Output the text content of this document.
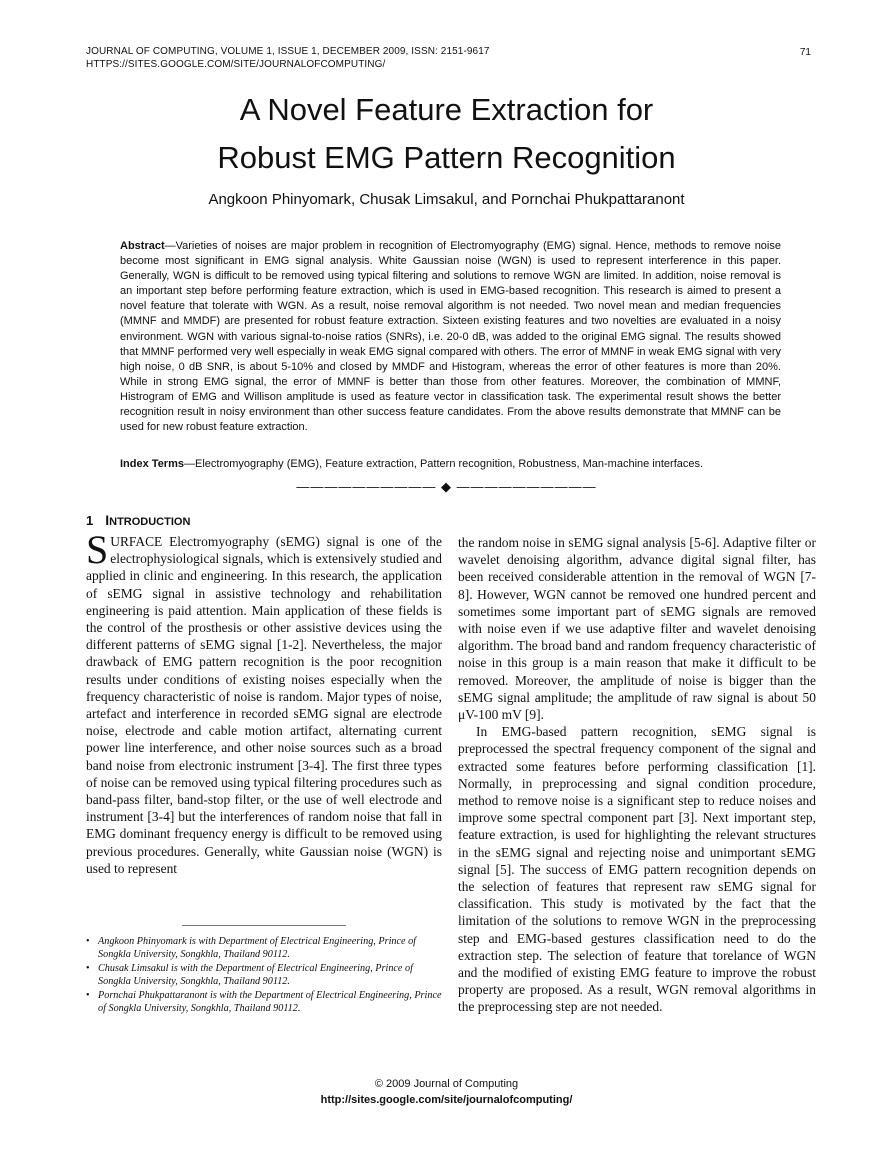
JOURNAL OF COMPUTING, VOLUME 1, ISSUE 1, DECEMBER 2009, ISSN: 2151-9617
HTTPS://SITES.GOOGLE.COM/SITE/JOURNALOFCOMPUTING/
71
A Novel Feature Extraction for
Robust EMG Pattern Recognition
Angkoon Phinyomark, Chusak Limsakul, and Pornchai Phukpattaranont
Abstract—Varieties of noises are major problem in recognition of Electromyography (EMG) signal. Hence, methods to remove noise become most significant in EMG signal analysis. White Gaussian noise (WGN) is used to represent interference in this paper. Generally, WGN is difficult to be removed using typical filtering and solutions to remove WGN are limited. In addition, noise removal is an important step before performing feature extraction, which is used in EMG-based recognition. This research is aimed to present a novel feature that tolerate with WGN. As a result, noise removal algorithm is not needed. Two novel mean and median frequencies (MMNF and MMDF) are presented for robust feature extraction. Sixteen existing features and two novelties are evaluated in a noisy environment. WGN with various signal-to-noise ratios (SNRs), i.e. 20-0 dB, was added to the original EMG signal. The results showed that MMNF performed very well especially in weak EMG signal compared with others. The error of MMNF in weak EMG signal with very high noise, 0 dB SNR, is about 5-10% and closed by MMDF and Histogram, whereas the error of other features is more than 20%. While in strong EMG signal, the error of MMNF is better than those from other features. Moreover, the combination of MMNF, Histrogram of EMG and Willison amplitude is used as feature vector in classification task. The experimental result shows the better recognition result in noisy environment than other success feature candidates. From the above results demonstrate that MMNF can be used for new robust feature extraction.
Index Terms—Electromyography (EMG), Feature extraction, Pattern recognition, Robustness, Man-machine interfaces.
—————————— ◆ ——————————
1 INTRODUCTION

SURFACE Electromyography (sEMG) signal is one of the electrophysiological signals, which is extensively studied and applied in clinic and engineering. In this research, the application of sEMG signal in assistive technology and rehabilitation engineering is paid attention. Main application of these fields is the control of the prosthesis or other assistive devices using the different patterns of sEMG signal [1-2]. Nevertheless, the major drawback of EMG pattern recognition is the poor recognition results under conditions of existing noises especially when the frequency characteristic of noise is random. Major types of noise, artefact and interference in recorded sEMG signal are electrode noise, electrode and cable motion artifact, alternating current power line interference, and other noise sources such as a broad band noise from electronic instrument [3-4]. The first three types of noise can be removed using typical filtering procedures such as band-pass filter, band-stop filter, or the use of well electrode and instrument [3-4] but the interferences of random noise that fall in EMG dominant frequency energy is difficult to be removed using previous procedures. Generally, white Gaussian noise (WGN) is used to represent

the random noise in sEMG signal analysis [5-6]. Adaptive filter or wavelet denoising algorithm, advance digital signal filter, has been received considerable attention in the removal of WGN [7-8]. However, WGN cannot be removed one hundred percent and sometimes some important part of sEMG signals are removed with noise even if we use adaptive filter and wavelet denoising algorithm. The broad band and random frequency characteristic of noise in this group is a main reason that make it difficult to be removed. Moreover, the amplitude of noise is bigger than the sEMG signal amplitude; the amplitude of raw signal is about 50 μV-100 mV [9].

In EMG-based pattern recognition, sEMG signal is preprocessed the spectral frequency component of the signal and extracted some features before performing classification [1]. Normally, in preprocessing and signal condition procedure, method to remove noise is a significant step to reduce noises and improve some spectral component part [3]. Next important step, feature extraction, is used for highlighting the relevant structures in the sEMG signal and rejecting noise and unimportant sEMG signal [5]. The success of EMG pattern recognition depends on the selection of features that represent raw sEMG signal for classification. This study is motivated by the fact that the limitation of the solutions to remove WGN in the preprocessing step and EMG-based gestures classification need to do the extraction step. The selection of feature that torelance of WGN and the modified of existing EMG feature to improve the robust property are proposed. As a result, WGN removal algorithms in the preprocessing step are not needed.

• Angkoon Phinyomark is with Department of Electrical Engineering, Prince of Songkla University, Songkhla, Thailand 90112.
• Chusak Limsakul is with the Department of Electrical Engineering, Prince of Songkla University, Songkhla, Thailand 90112.
• Pornchai Phukpattaranont is with the Department of Electrical Engineering, Prince of Songkla University, Songkhla, Thailand 90112.
© 2009 Journal of Computing
http://sites.google.com/site/journalofcomputing/
